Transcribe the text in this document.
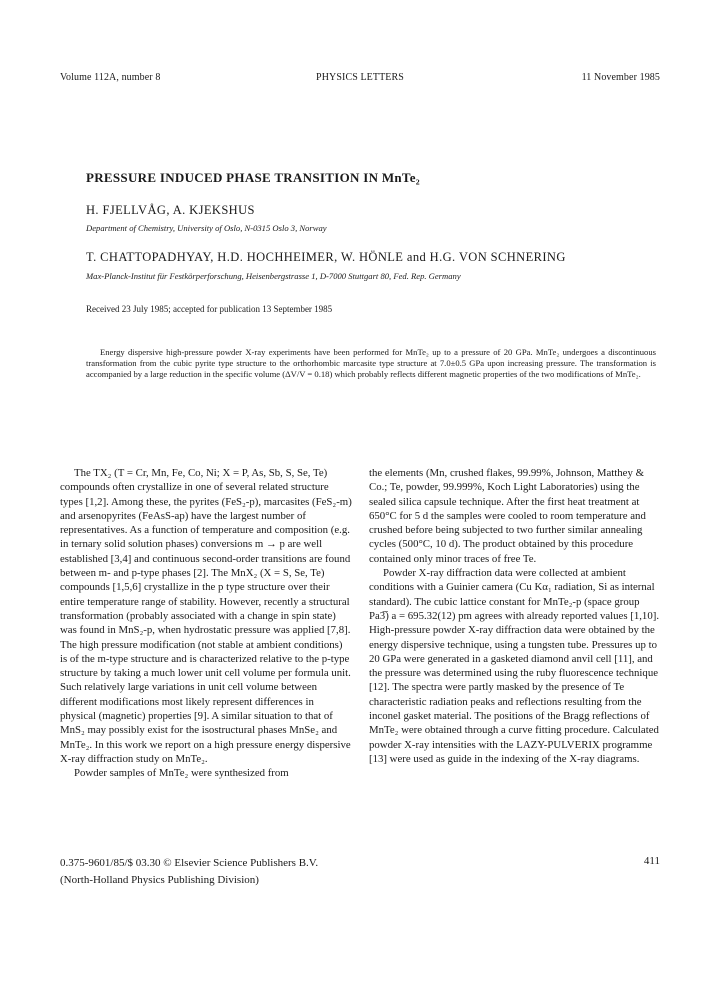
Volume 112A, number 8	PHYSICS LETTERS	11 November 1985
PRESSURE INDUCED PHASE TRANSITION IN MnTe₂
H. FJELLVÅG, A. KJEKSHUS
Department of Chemistry, University of Oslo, N-0315 Oslo 3, Norway
T. CHATTOPADHYAY, H.D. HOCHHEIMER, W. HÖNLE and H.G. VON SCHNERING
Max-Planck-Institut für Festkörperforschung, Heisenbergstrasse 1, D-7000 Stuttgart 80, Fed. Rep. Germany
Received 23 July 1985; accepted for publication 13 September 1985
Energy dispersive high-pressure powder X-ray experiments have been performed for MnTe₂ up to a pressure of 20 GPa. MnTe₂ undergoes a discontinuous transformation from the cubic pyrite type structure to the orthorhombic marcasite type structure at 7.0±0.5 GPa upon increasing pressure. The transformation is accompanied by a large reduction in the specific volume (ΔV/V = 0.18) which probably reflects different magnetic properties of the two modifications of MnTe₂.
The TX₂ (T = Cr, Mn, Fe, Co, Ni; X = P, As, Sb, S, Se, Te) compounds often crystallize in one of several related structure types [1,2]. Among these, the pyrites (FeS₂-p), marcasites (FeS₂-m) and arsenopyrites (FeAsS-ap) have the largest number of representatives. As a function of temperature and composition (e.g. in ternary solid solution phases) conversions m → p are well established [3,4] and continuous second-order transitions are found between m- and p-type phases [2]. The MnX₂ (X = S, Se, Te) compounds [1,5,6] crystallize in the p type structure over their entire temperature range of stability. However, recently a structural transformation (probably associated with a change in spin state) was found in MnS₂-p, when hydrostatic pressure was applied [7,8]. The high pressure modification (not stable at ambient conditions) is of the m-type structure and is characterized relative to the p-type structure by taking a much lower unit cell volume per formula unit. Such relatively large variations in unit cell volume between different modifications most likely represent differences in physical (magnetic) properties [9]. A similar situation to that of MnS₂ may possibly exist for the isostructural phases MnSe₂ and MnTe₂. In this work we report on a high pressure energy dispersive X-ray diffraction study on MnTe₂.
Powder samples of MnTe₂ were synthesized from
the elements (Mn, crushed flakes, 99.99%, Johnson, Matthey & Co.; Te, powder, 99.999%, Koch Light Laboratories) using the sealed silica capsule technique. After the first heat treatment at 650°C for 5 d the samples were cooled to room temperature and crushed before being subjected to two further similar annealing cycles (500°C, 10 d). The product obtained by this procedure contained only minor traces of free Te.
Powder X-ray diffraction data were collected at ambient conditions with a Guinier camera (Cu Kα₁ radiation, Si as internal standard). The cubic lattice constant for MnTe₂-p (space group Pa3̅) a = 695.32(12) pm agrees with already reported values [1,10]. High-pressure powder X-ray diffraction data were obtained by the energy dispersive technique, using a tungsten tube. Pressures up to 20 GPa were generated in a gasketed diamond anvil cell [11], and the pressure was determined using the ruby fluorescence technique [12]. The spectra were partly masked by the presence of Te characteristic radiation peaks and reflections resulting from the inconel gasket material. The positions of the Bragg reflections of MnTe₂ were obtained through a curve fitting procedure. Calculated powder X-ray intensities with the LAZY-PULVERIX programme [13] were used as guide in the indexing of the X-ray diagrams.
0.375-9601/85/$ 03.30 © Elsevier Science Publishers B.V.
(North-Holland Physics Publishing Division)
411
